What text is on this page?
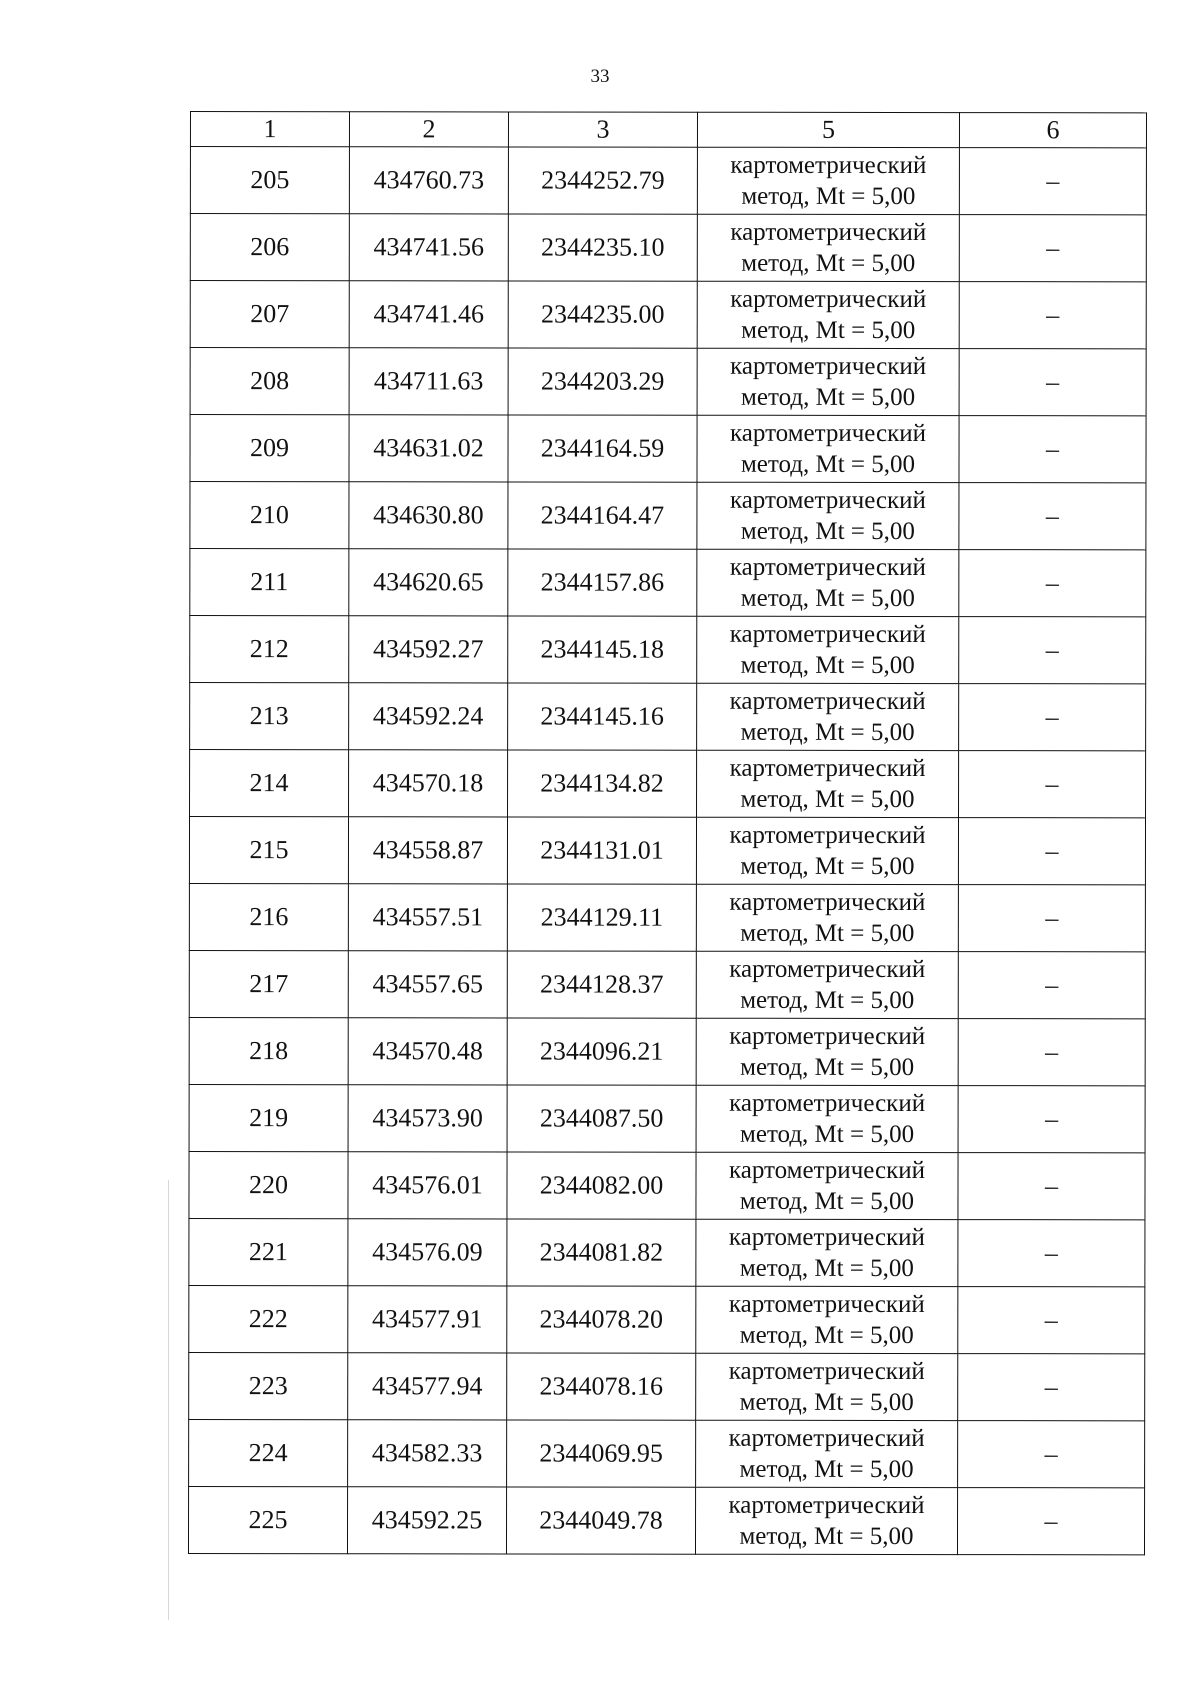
33
1	2	3	5	6
205	434760.73	2344252.79	картометрический метод, Mt = 5,00	–
206	434741.56	2344235.10	картометрический метод, Mt = 5,00	–
207	434741.46	2344235.00	картометрический метод, Mt = 5,00	–
208	434711.63	2344203.29	картометрический метод, Mt = 5,00	–
209	434631.02	2344164.59	картометрический метод, Mt = 5,00	–
210	434630.80	2344164.47	картометрический метод, Mt = 5,00	–
211	434620.65	2344157.86	картометрический метод, Mt = 5,00	–
212	434592.27	2344145.18	картометрический метод, Mt = 5,00	–
213	434592.24	2344145.16	картометрический метод, Mt = 5,00	–
214	434570.18	2344134.82	картометрический метод, Mt = 5,00	–
215	434558.87	2344131.01	картометрический метод, Mt = 5,00	–
216	434557.51	2344129.11	картометрический метод, Mt = 5,00	–
217	434557.65	2344128.37	картометрический метод, Mt = 5,00	–
218	434570.48	2344096.21	картометрический метод, Mt = 5,00	–
219	434573.90	2344087.50	картометрический метод, Mt = 5,00	–
220	434576.01	2344082.00	картометрический метод, Mt = 5,00	–
221	434576.09	2344081.82	картометрический метод, Mt = 5,00	–
222	434577.91	2344078.20	картометрический метод, Mt = 5,00	–
223	434577.94	2344078.16	картометрический метод, Mt = 5,00	–
224	434582.33	2344069.95	картометрический метод, Mt = 5,00	–
225	434592.25	2344049.78	картометрический метод, Mt = 5,00	–
